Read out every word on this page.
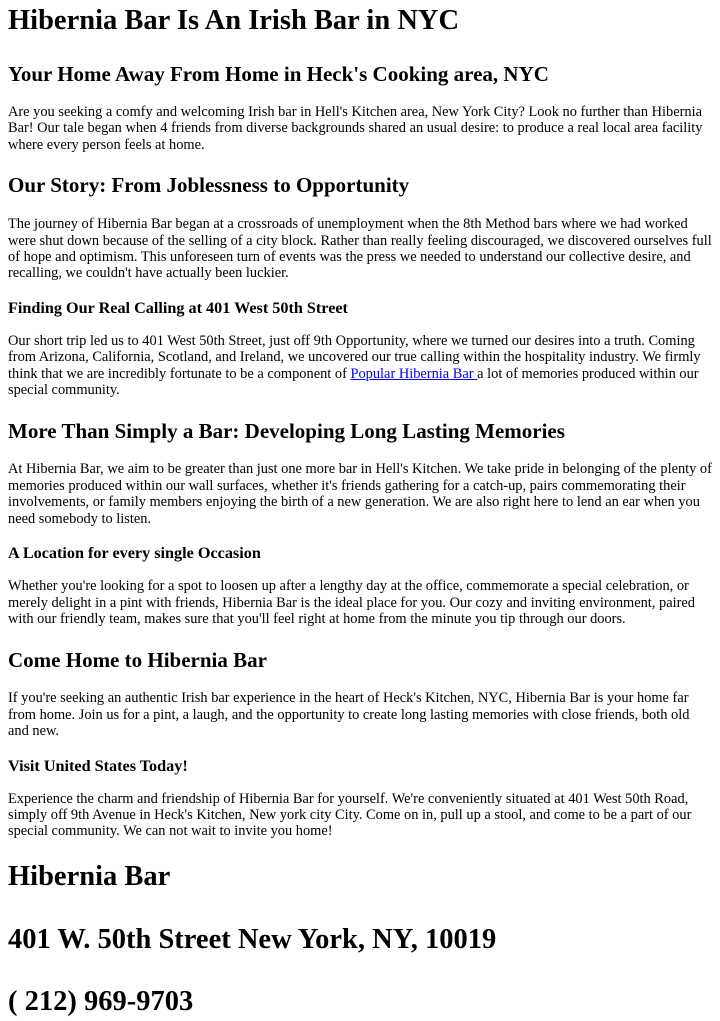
Hibernia Bar Is An Irish Bar in NYC
Your Home Away From Home in Heck's Cooking area, NYC

Are you seeking a comfy and welcoming Irish bar in Hell's Kitchen area, New York City? Look no further than Hibernia Bar! Our tale began when 4 friends from diverse backgrounds shared an usual desire: to produce a real local area facility where every person feels at home.

Our Story: From Joblessness to Opportunity

The journey of Hibernia Bar began at a crossroads of unemployment when the 8th Method bars where we had worked were shut down because of the selling of a city block. Rather than really feeling discouraged, we discovered ourselves full of hope and optimism. This unforeseen turn of events was the press we needed to understand our collective desire, and recalling, we couldn't have actually been luckier.

Finding Our Real Calling at 401 West 50th Street

Our short trip led us to 401 West 50th Street, just off 9th Opportunity, where we turned our desires into a truth. Coming from Arizona, California, Scotland, and Ireland, we uncovered our true calling within the hospitality industry. We firmly think that we are incredibly fortunate to be a component of Popular Hibernia Bar a lot of memories produced within our special community.

More Than Simply a Bar: Developing Long Lasting Memories

At Hibernia Bar, we aim to be greater than just one more bar in Hell's Kitchen. We take pride in belonging of the plenty of memories produced within our wall surfaces, whether it's friends gathering for a catch-up, pairs commemorating their involvements, or family members enjoying the birth of a new generation. We are also right here to lend an ear when you need somebody to listen.

A Location for every single Occasion

Whether you're looking for a spot to loosen up after a lengthy day at the office, commemorate a special celebration, or merely delight in a pint with friends, Hibernia Bar is the ideal place for you. Our cozy and inviting environment, paired with our friendly team, makes sure that you'll feel right at home from the minute you tip through our doors.

Come Home to Hibernia Bar

If you're seeking an authentic Irish bar experience in the heart of Heck's Kitchen, NYC, Hibernia Bar is your home far from home. Join us for a pint, a laugh, and the opportunity to create long lasting memories with close friends, both old and new.

Visit United States Today!

Experience the charm and friendship of Hibernia Bar for yourself. We're conveniently situated at 401 West 50th Road, simply off 9th Avenue in Heck's Kitchen, New york city City. Come on in, pull up a stool, and come to be a part of our special community. We can not wait to invite you home!

Hibernia Bar
401 W. 50th Street New York, NY, 10019
( 212) 969-9703
